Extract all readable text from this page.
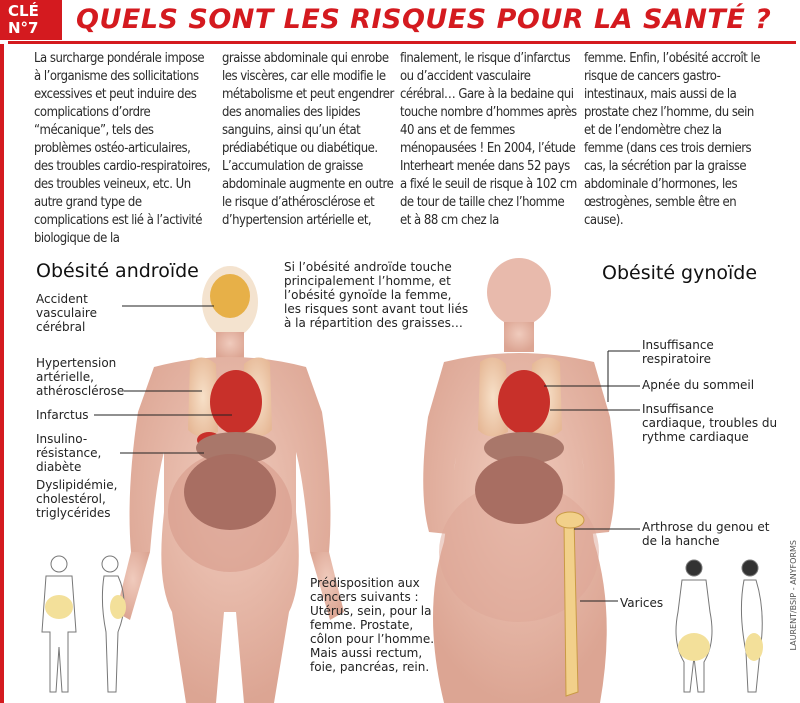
CLÉ
N°7	QUELS SONT LES RISQUES POUR LA SANTÉ ?
La surcharge pondérale impose à l’organisme des sollicitations excessives et peut induire des complications d’ordre “mécanique”, tels des problèmes ostéo-articulaires, des troubles cardio-respiratoires, des troubles veineux, etc. Un autre grand type de complications est lié à l’activité biologique de la
graisse abdominale qui enrobe les viscères, car elle modifie le métabolisme et peut engendrer des anomalies des lipides sanguins, ainsi qu’un état prédiabétique ou diabétique. L’accumulation de graisse abdominale augmente en outre le risque d’athérosclérose et d’hypertension artérielle et,
finalement, le risque d’infarctus ou d’accident vasculaire cérébral… Gare à la bedaine qui touche nombre d’hommes après 40 ans et de femmes ménopausées ! En 2004, l’étude Interheart menée dans 52 pays a fixé le seuil de risque à 102 cm de tour de taille chez l’homme et à 88 cm chez la
femme. Enfin, l’obésité accroît le risque de cancers gastro-intestinaux, mais aussi de la prostate chez l’homme, du sein et de l’endomètre chez la femme (dans ces trois derniers cas, la sécrétion par la graisse abdominale d’hormones, les œstrogènes, semble être en cause).
Obésité androïde	Obésité gynoïde
Si l’obésité androïde touche principalement l’homme, et l’obésité gynoïde la femme, les risques sont avant tout liés à la répartition des graisses…
Accident vasculaire cérébral
Hypertension artérielle, athérosclérose
Infarctus
Insulino-résistance, diabète
Dyslipidémie, cholestérol, triglycérides
Insuffisance respiratoire
Apnée du sommeil
Insuffisance cardiaque, troubles du rythme cardiaque
Arthrose du genou et de la hanche
Varices
Prédisposition aux cancers suivants : Utérus, sein, pour la femme. Prostate, côlon pour l’homme. Mais aussi rectum, foie, pancréas, rein.
LAURENT/BSIP - ANYFORMS
